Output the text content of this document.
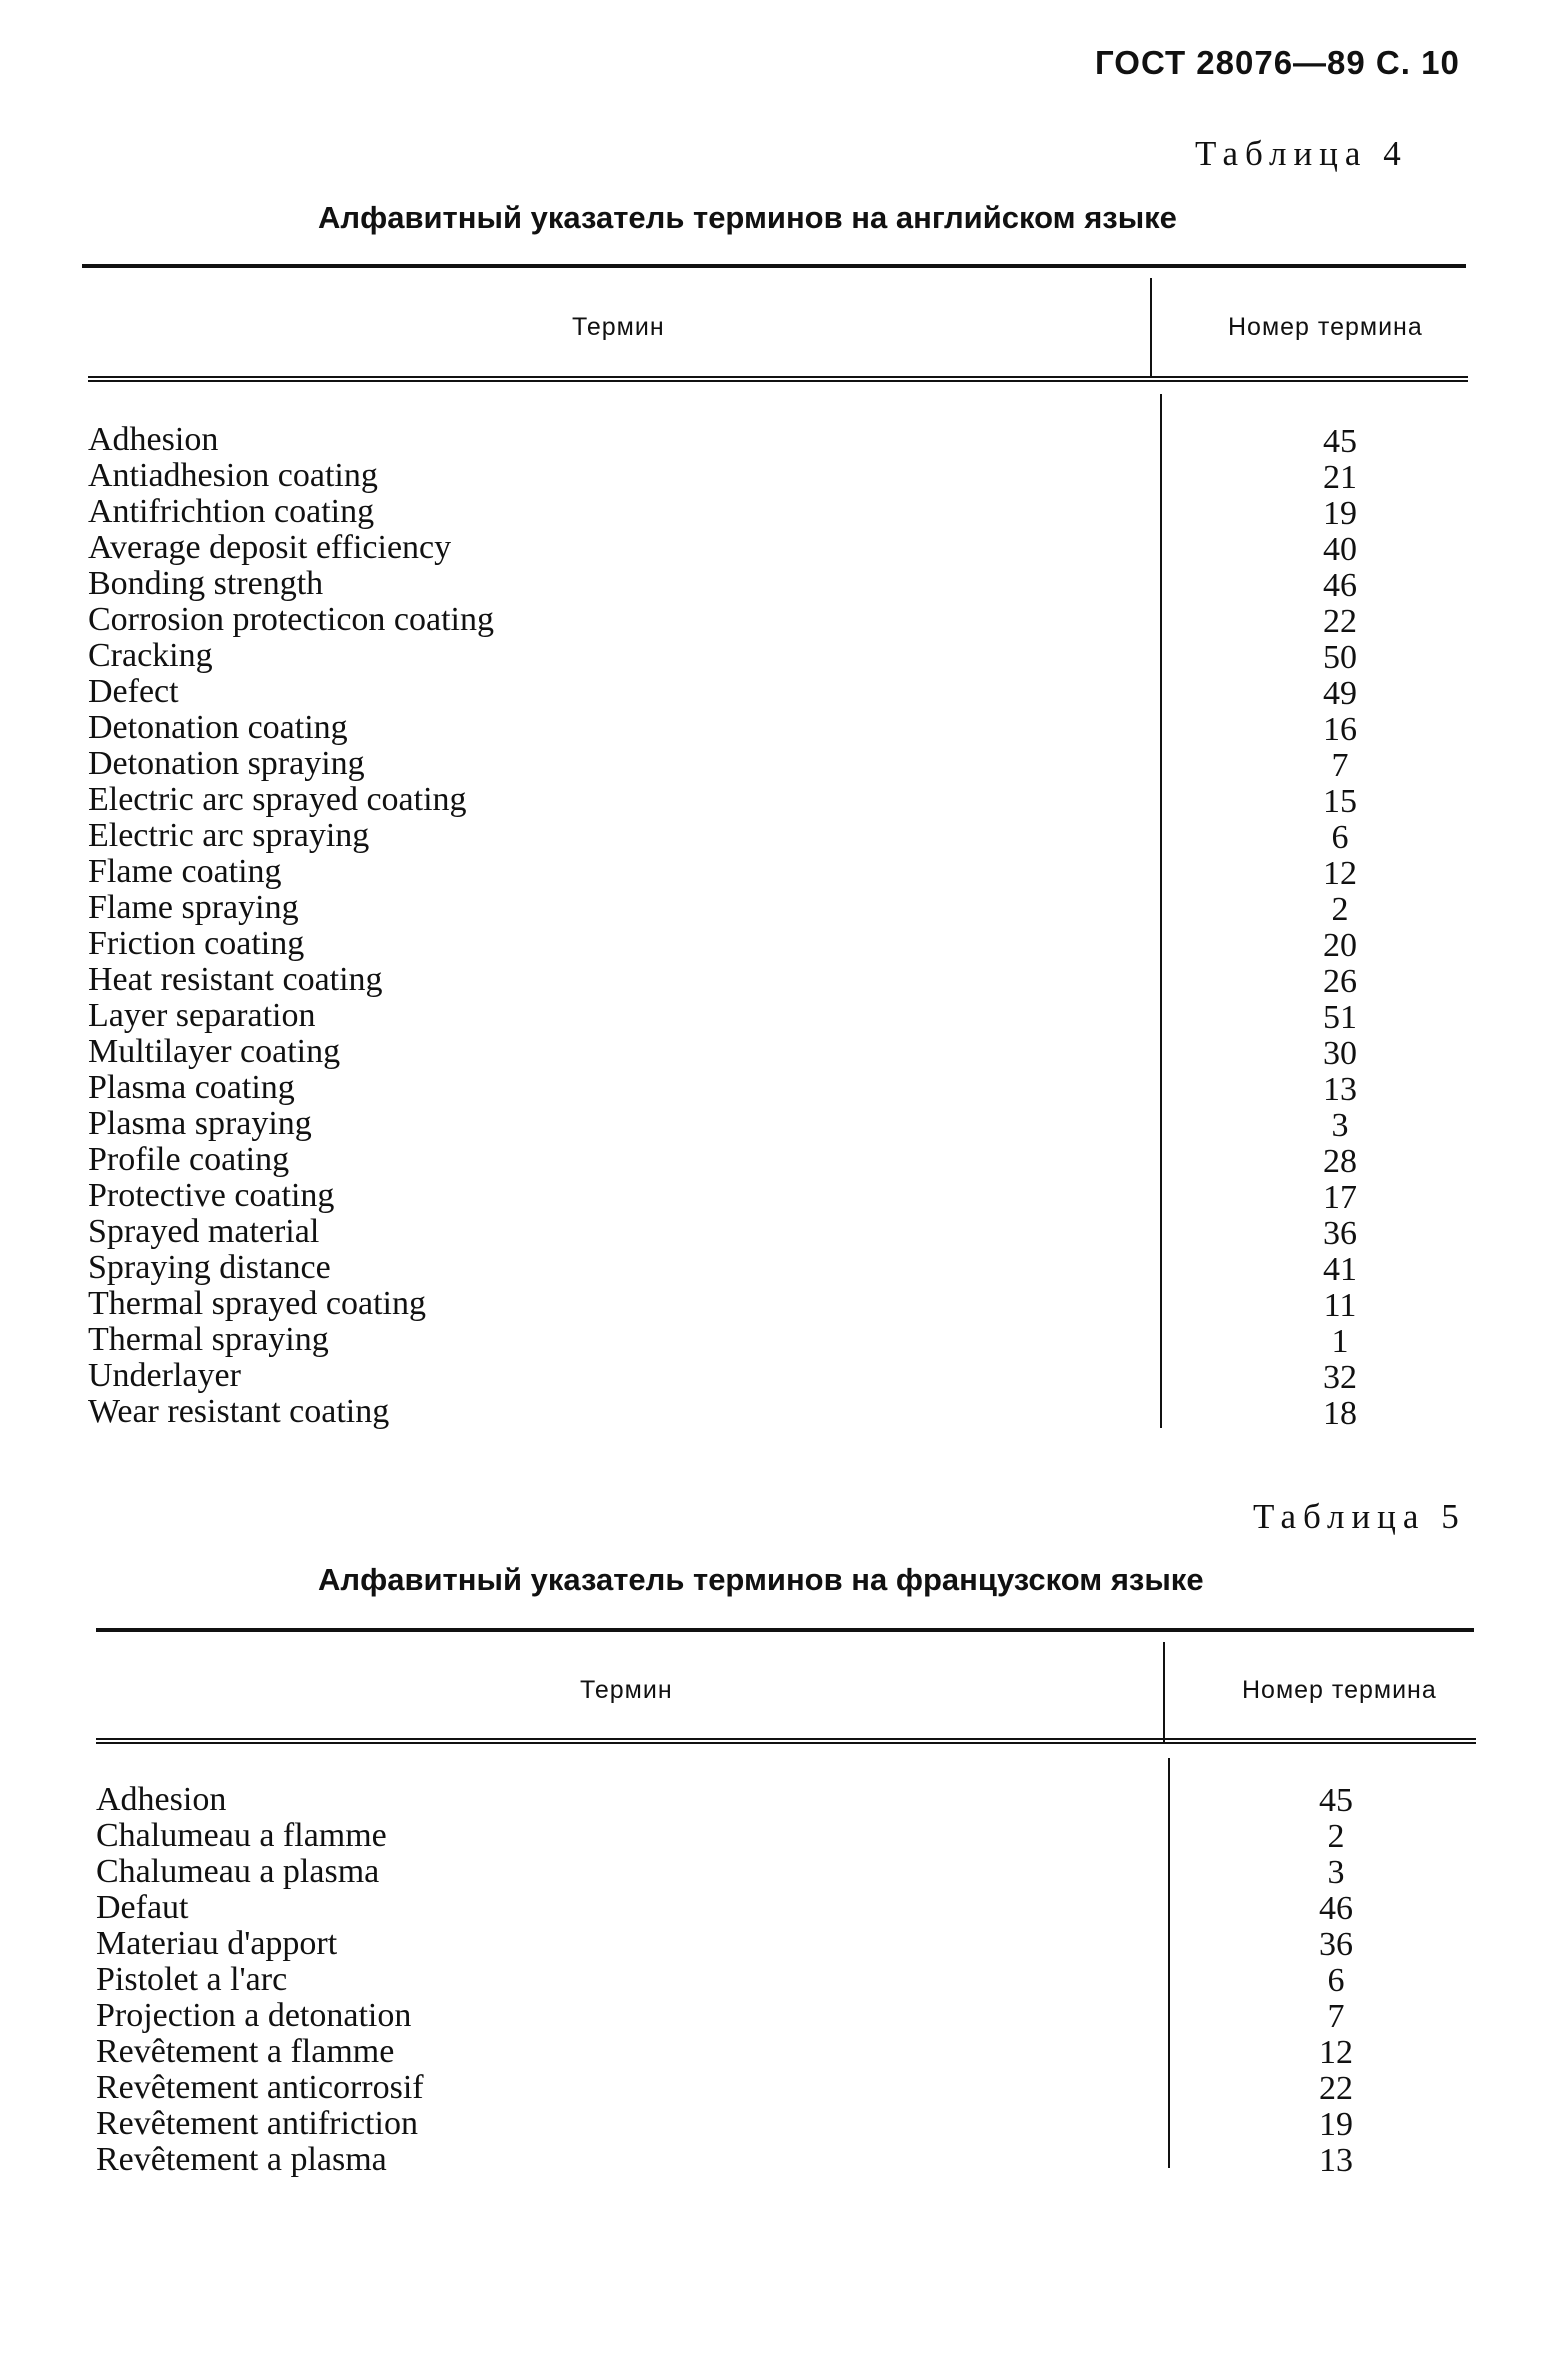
ГОСТ 28076—89 С. 10
Таблица 4
Алфавитный указатель терминов на английском языке
Термин	Номер термина
Adhesion
Antiadhesion coating
Antifrichtion coating
Average deposit efficiency
Bonding strength
Corrosion protecticon coating
Cracking
Defect
Detonation coating
Detonation spraying
Electric arc sprayed coating
Electric arc spraying
Flame coating
Flame spraying
Friction coating
Heat resistant coating
Layer separation
Multilayer coating
Plasma coating
Plasma spraying
Profile coating
Protective coating
Sprayed material
Spraying distance
Thermal sprayed coating
Thermal spraying
Underlayer
Wear resistant coating
45
21
19
40
46
22
50
49
16
7
15
6
12
2
20
26
51
30
13
3
28
17
36
41
11
1
32
18
Таблица 5
Алфавитный указатель терминов на французском языке
Термин	Номер термина
Adhesion
Chalumeau a flamme
Chalumeau a plasma
Defaut
Materiau d'apport
Pistolet a l'arc
Projection a detonation
Revêtement a flamme
Revêtement anticorrosif
Revêtement antifriction
Revêtement a plasma
45
2
3
46
36
6
7
12
22
19
13
